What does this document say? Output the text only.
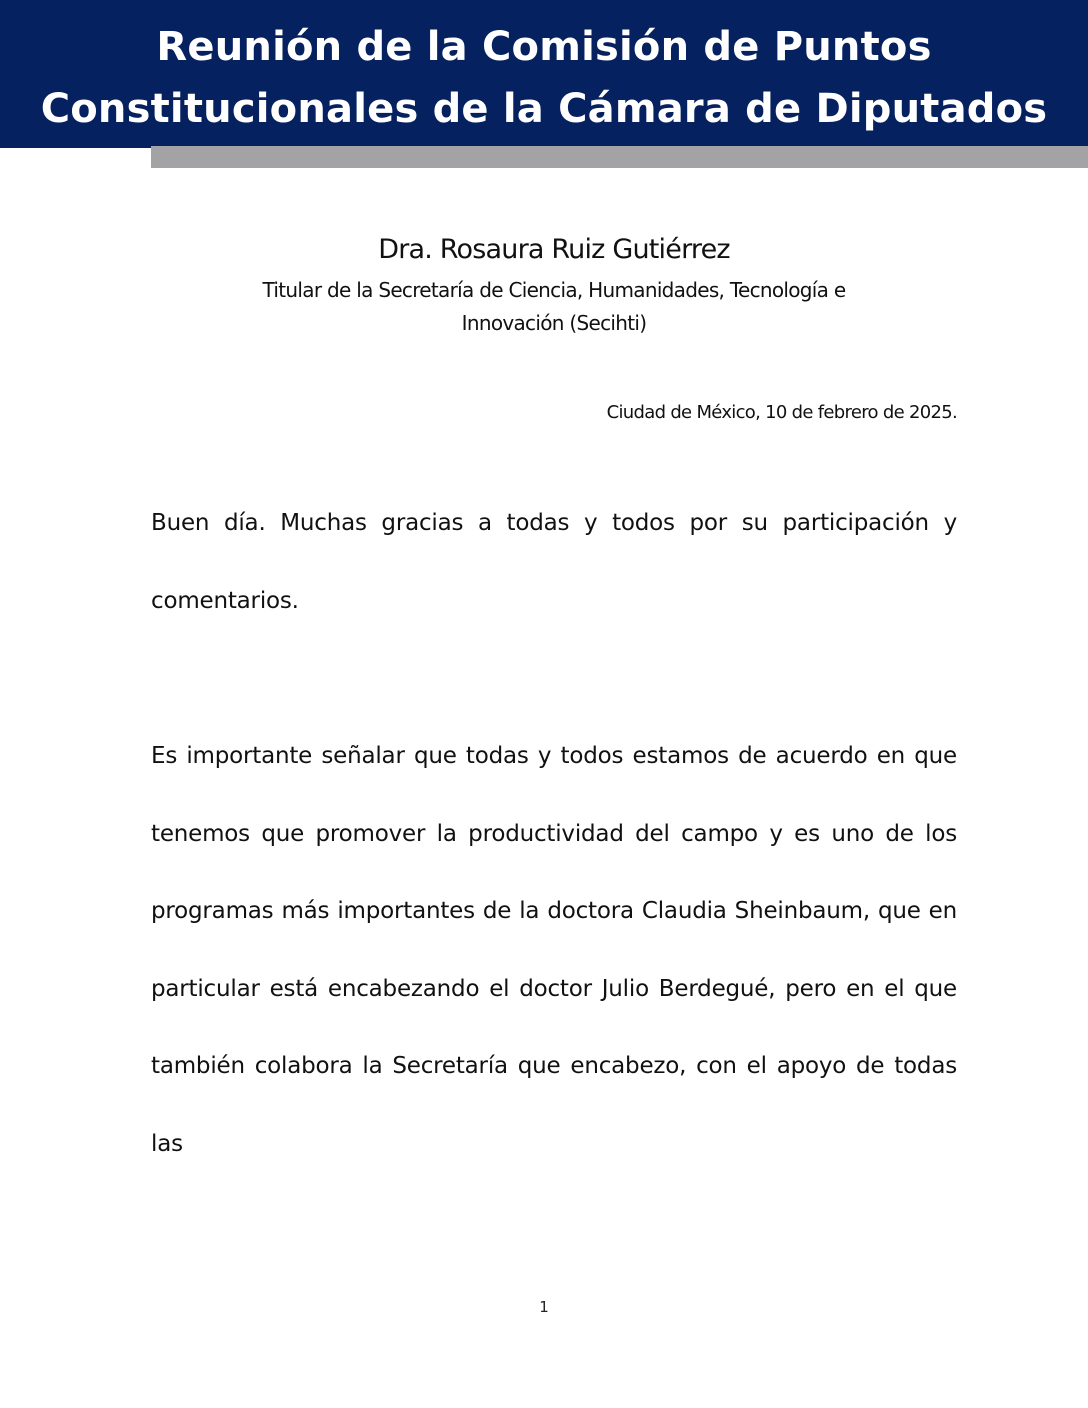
Reunión de la Comisión de Puntos
Constitucionales de la Cámara de Diputados
Dra. Rosaura Ruiz Gutiérrez
Titular de la Secretaría de Ciencia, Humanidades, Tecnología e
Innovación (Secihti)
Ciudad de México, 10 de febrero de 2025.

Buen día. Muchas gracias a todas y todos por su participación y comentarios.

Es importante señalar que todas y todos estamos de acuerdo en que tenemos que promover la productividad del campo y es uno de los programas más importantes de la doctora Claudia Sheinbaum, que en particular está encabezando el doctor Julio Berdegué, pero en el que también colabora la Secretaría que encabezo, con el apoyo de todas las

1
